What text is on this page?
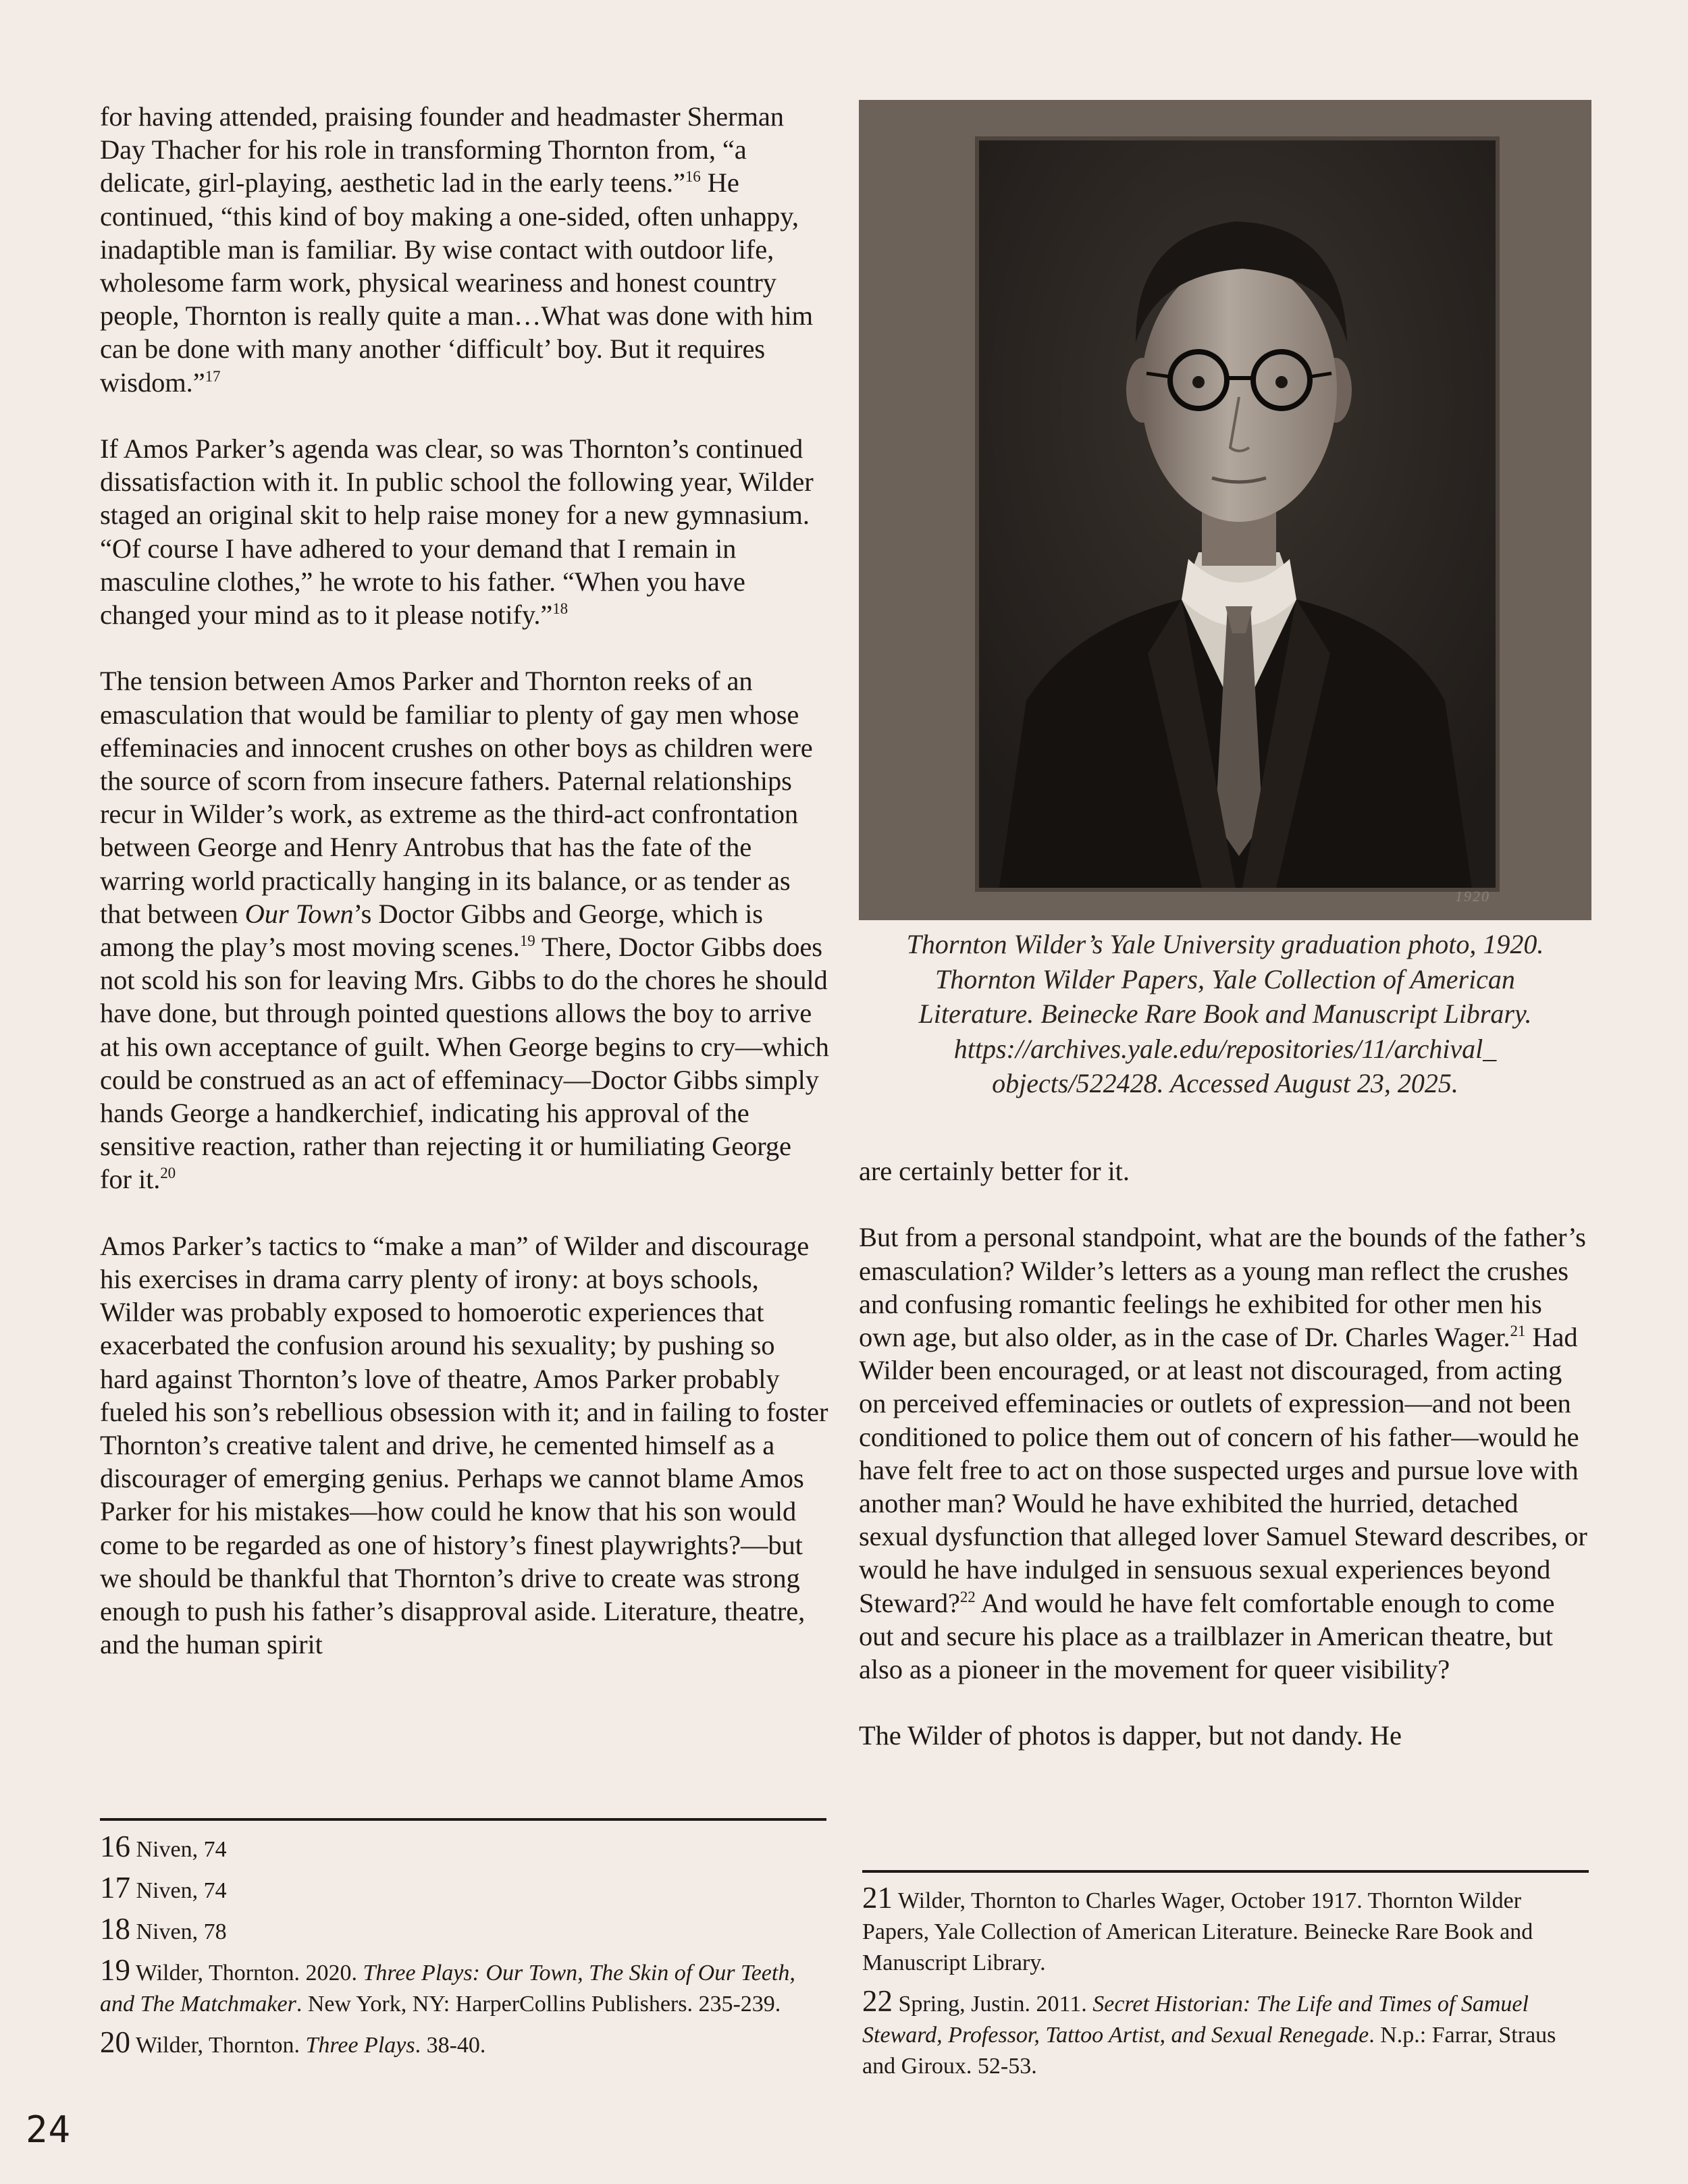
for having attended, praising founder and headmaster Sherman Day Thacher for his role in transforming Thornton from, “a delicate, girl-playing, aesthetic lad in the early teens.”$^{16}$ He continued, “this kind of boy making a one-sided, often unhappy, inadaptible man is familiar. By wise contact with outdoor life, wholesome farm work, physical weariness and honest country people, Thornton is really quite a man…What was done with him can be done with many another ‘difficult’ boy. But it requires wisdom.”$^{17}$

If Amos Parker’s agenda was clear, so was Thornton’s continued dissatisfaction with it. In public school the following year, Wilder staged an original skit to help raise money for a new gymnasium. “Of course I have adhered to your demand that I remain in masculine clothes,” he wrote to his father. “When you have changed your mind as to it please notify.”$^{18}$

The tension between Amos Parker and Thornton reeks of an emasculation that would be familiar to plenty of gay men whose effeminacies and innocent crushes on other boys as children were the source of scorn from insecure fathers. Paternal relationships recur in Wilder’s work, as extreme as the third-act confrontation between George and Henry Antrobus that has the fate of the warring world practically hanging in its balance, or as tender as that between Our Town’s Doctor Gibbs and George, which is among the play’s most moving scenes.$^{19}$ There, Doctor Gibbs does not scold his son for leaving Mrs. Gibbs to do the chores he should have done, but through pointed questions allows the boy to arrive at his own acceptance of guilt. When George begins to cry—which could be construed as an act of effeminacy—Doctor Gibbs simply hands George a handkerchief, indicating his approval of the sensitive reaction, rather than rejecting it or humiliating George for it.$^{20}$

Amos Parker’s tactics to “make a man” of Wilder and discourage his exercises in drama carry plenty of irony: at boys schools, Wilder was probably exposed to homoerotic experiences that exacerbated the confusion around his sexuality; by pushing so hard against Thornton’s love of theatre, Amos Parker probably fueled his son’s rebellious obsession with it; and in failing to foster Thornton’s creative talent and drive, he cemented himself as a discourager of emerging genius. Perhaps we cannot blame Amos Parker for his mistakes—how could he know that his son would come to be regarded as one of history’s finest playwrights?—but we should be thankful that Thornton’s drive to create was strong enough to push his father’s disapproval aside. Literature, theatre, and the human spirit

1920
Thornton Wilder’s Yale University graduation photo, 1920.
Thornton Wilder Papers, Yale Collection of American
Literature. Beinecke Rare Book and Manuscript Library.
https://archives.yale.edu/repositories/11/archival_
objects/522428. Accessed August 23, 2025.

are certainly better for it.

But from a personal standpoint, what are the bounds of the father’s emasculation? Wilder’s letters as a young man reflect the crushes and confusing romantic feelings he exhibited for other men his own age, but also older, as in the case of Dr. Charles Wager.$^{21}$ Had Wilder been encouraged, or at least not discouraged, from acting on perceived effeminacies or outlets of expression—and not been conditioned to police them out of concern of his father—would he have felt free to act on those suspected urges and pursue love with another man? Would he have exhibited the hurried, detached sexual dysfunction that alleged lover Samuel Steward describes, or would he have indulged in sensuous sexual experiences beyond Steward?$^{22}$ And would he have felt comfortable enough to come out and secure his place as a trailblazer in American theatre, but also as a pioneer in the movement for queer visibility?

The Wilder of photos is dapper, but not dandy. He

16 Niven, 74
17 Niven, 74
18 Niven, 78
19 Wilder, Thornton. 2020. Three Plays: Our Town, The Skin of Our Teeth, and The Matchmaker. New York, NY: HarperCollins Publishers. 235-239.
20 Wilder, Thornton. Three Plays. 38-40.
21 Wilder, Thornton to Charles Wager, October 1917. Thornton Wilder Papers, Yale Collection of American Literature. Beinecke Rare Book and Manuscript Library.
22 Spring, Justin. 2011. Secret Historian: The Life and Times of Samuel Steward, Professor, Tattoo Artist, and Sexual Renegade. N.p.: Farrar, Straus and Giroux. 52-53.
24
